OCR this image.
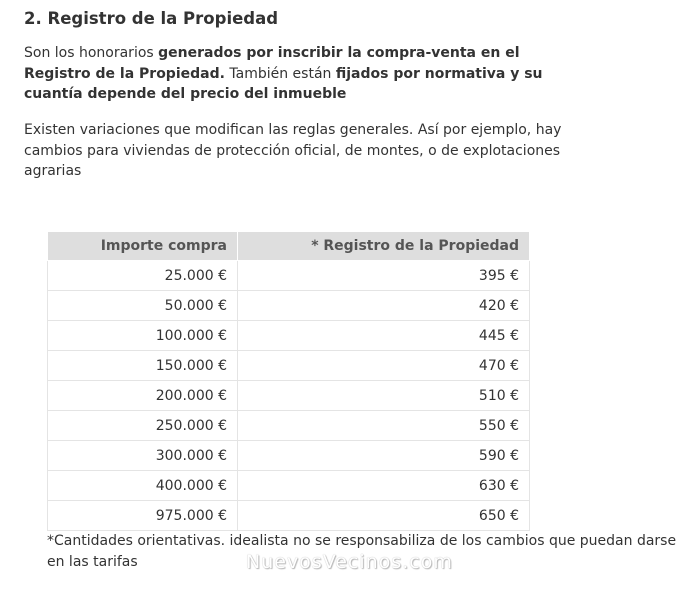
2. Registro de la Propiedad

Son los honorarios generados por inscribir la compra-venta en el Registro de la Propiedad. También están fijados por normativa y su cuantía depende del precio del inmueble

Existen variaciones que modifican las reglas generales. Así por ejemplo, hay cambios para viviendas de protección oficial, de montes, o de explotaciones agrarias

Importe compra	* Registro de la Propiedad
25.000 €	395 €
50.000 €	420 €
100.000 €	445 €
150.000 €	470 €
200.000 €	510 €
250.000 €	550 €
300.000 €	590 €
400.000 €	630 €
975.000 €	650 €

*Cantidades orientativas. idealista no se responsabiliza de los cambios que puedan darse en las tarifas	NuevosVecinos.com
